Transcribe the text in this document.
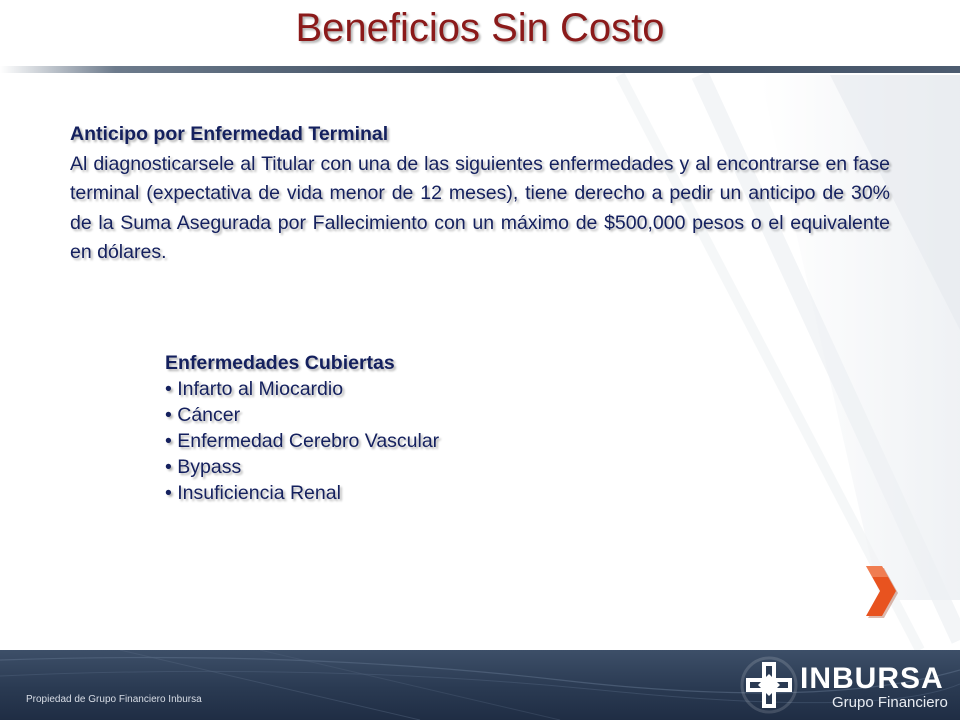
Beneficios Sin Costo
Anticipo por Enfermedad Terminal
Al diagnosticarsele al Titular con una de las siguientes enfermedades y al encontrarse en fase terminal (expectativa de vida menor de 12 meses), tiene derecho a pedir un anticipo de 30% de la Suma Asegurada por Fallecimiento con un máximo de $500,000 pesos o el equivalente en dólares.
Enfermedades Cubiertas
• Infarto al Miocardio
• Cáncer
• Enfermedad Cerebro Vascular
• Bypass
• Insuficiencia Renal
Propiedad de Grupo Financiero Inbursa
INBURSA
Grupo Financiero
